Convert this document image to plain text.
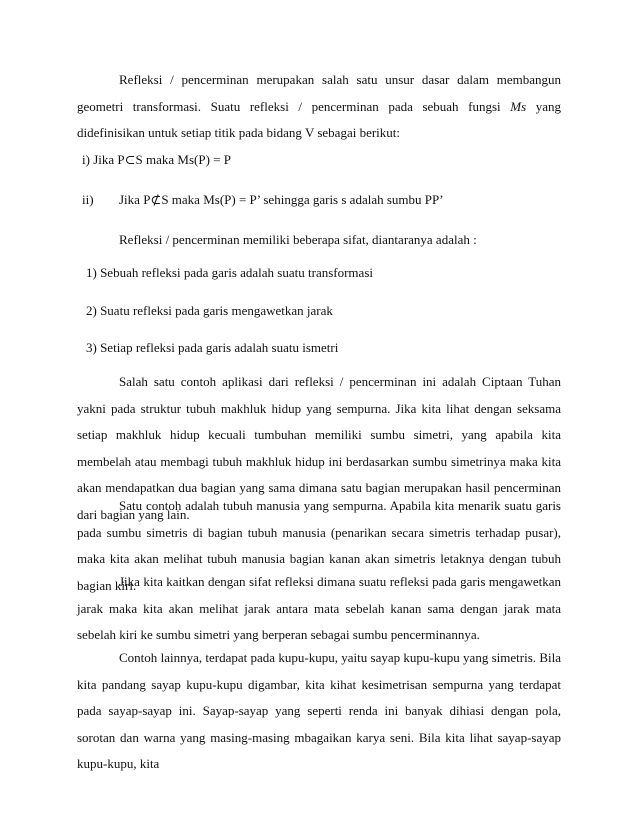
Refleksi / pencerminan merupakan salah satu unsur dasar dalam membangun geometri transformasi. Suatu refleksi / pencerminan pada sebuah fungsi Ms yang didefinisikan untuk setiap titik pada bidang V sebagai berikut:

i) Jika P⊂S maka Ms(P) = P
ii) Jika P⊄S maka Ms(P) = P’ sehingga garis s adalah sumbu PP’
Refleksi / pencerminan memiliki beberapa sifat, diantaranya adalah :
1) Sebuah refleksi pada garis adalah suatu transformasi
2) Suatu refleksi pada garis mengawetkan jarak
3) Setiap refleksi pada garis adalah suatu ismetri

Salah satu contoh aplikasi dari refleksi / pencerminan ini adalah Ciptaan Tuhan yakni pada struktur tubuh makhluk hidup yang sempurna. Jika kita lihat dengan seksama setiap makhluk hidup kecuali tumbuhan memiliki sumbu simetri, yang apabila kita membelah atau membagi tubuh makhluk hidup ini berdasarkan sumbu simetrinya maka kita akan mendapatkan dua bagian yang sama dimana satu bagian merupakan hasil pencerminan dari bagian yang lain.

Satu contoh adalah tubuh manusia yang sempurna. Apabila kita menarik suatu garis pada sumbu simetris di bagian tubuh manusia (penarikan secara simetris terhadap pusar), maka kita akan melihat tubuh manusia bagian kanan akan simetris letaknya dengan tubuh bagian kiri.

Jika kita kaitkan dengan sifat refleksi dimana suatu refleksi pada garis mengawetkan jarak maka kita akan melihat jarak antara mata sebelah kanan sama dengan jarak mata sebelah kiri ke sumbu simetri yang berperan sebagai sumbu pencerminannya.

Contoh lainnya, terdapat pada kupu-kupu, yaitu sayap kupu-kupu yang simetris. Bila kita pandang sayap kupu-kupu digambar, kita kihat kesimetrisan sempurna yang terdapat pada sayap-sayap ini. Sayap-sayap yang seperti renda ini banyak dihiasi dengan pola, sorotan dan warna yang masing-masing mbagaikan karya seni. Bila kita lihat sayap-sayap kupu-kupu, kita
